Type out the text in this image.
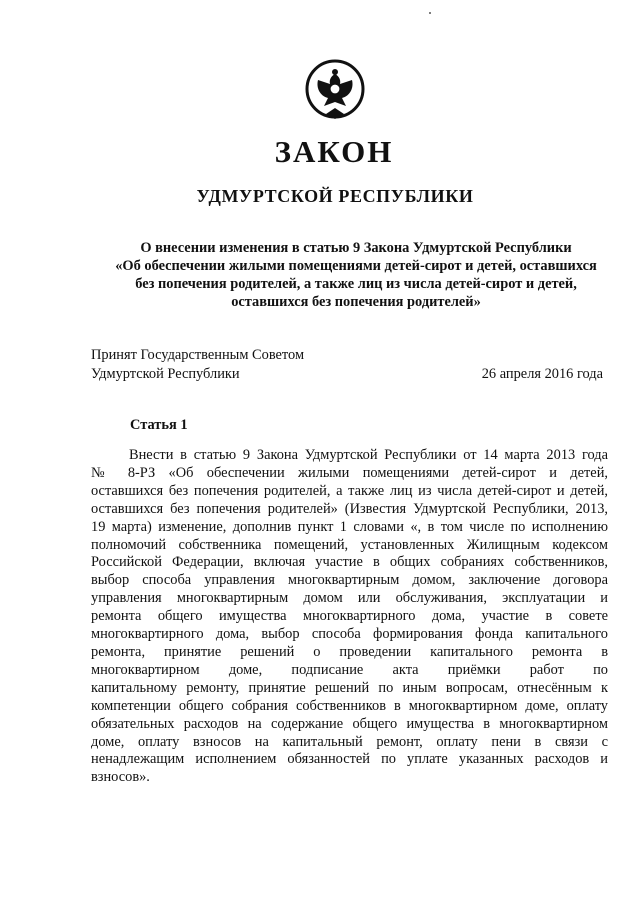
ЗАКОН
УДМУРТСКОЙ РЕСПУБЛИКИ
О внесении изменения в статью 9 Закона Удмуртской Республики
«Об обеспечении жилыми помещениями детей-сирот и детей, оставшихся
без попечения родителей, а также лиц из числа детей-сирот и детей,
оставшихся без попечения родителей»
Принят Государственным Советом
Удмуртской Республики	26 апреля 2016 года
Статья 1
Внести в статью 9 Закона Удмуртской Республики от 14 марта 2013 года
№ 8-РЗ «Об обеспечении жилыми помещениями детей-сирот и детей,
оставшихся без попечения родителей, а также лиц из числа детей-сирот и детей,
оставшихся без попечения родителей» (Известия Удмуртской Республики, 2013,
19 марта) изменение, дополнив пункт 1 словами «, в том числе по исполнению
полномочий собственника помещений, установленных Жилищным кодексом
Российской Федерации, включая участие в общих собраниях собственников,
выбор способа управления многоквартирным домом, заключение договора
управления многоквартирным домом или обслуживания, эксплуатации и
ремонта общего имущества многоквартирного дома, участие в совете
многоквартирного дома, выбор способа формирования фонда капитального
ремонта, принятие решений о проведении капитального ремонта в
многоквартирном доме, подписание акта приёмки работ по
капитальному ремонту, принятие решений по иным вопросам, отнесённым к
компетенции общего собрания собственников в многоквартирном доме, оплату
обязательных расходов на содержание общего имущества в многоквартирном
доме, оплату взносов на капитальный ремонт, оплату пени в связи с
ненадлежащим исполнением обязанностей по уплате указанных расходов и
взносов».
